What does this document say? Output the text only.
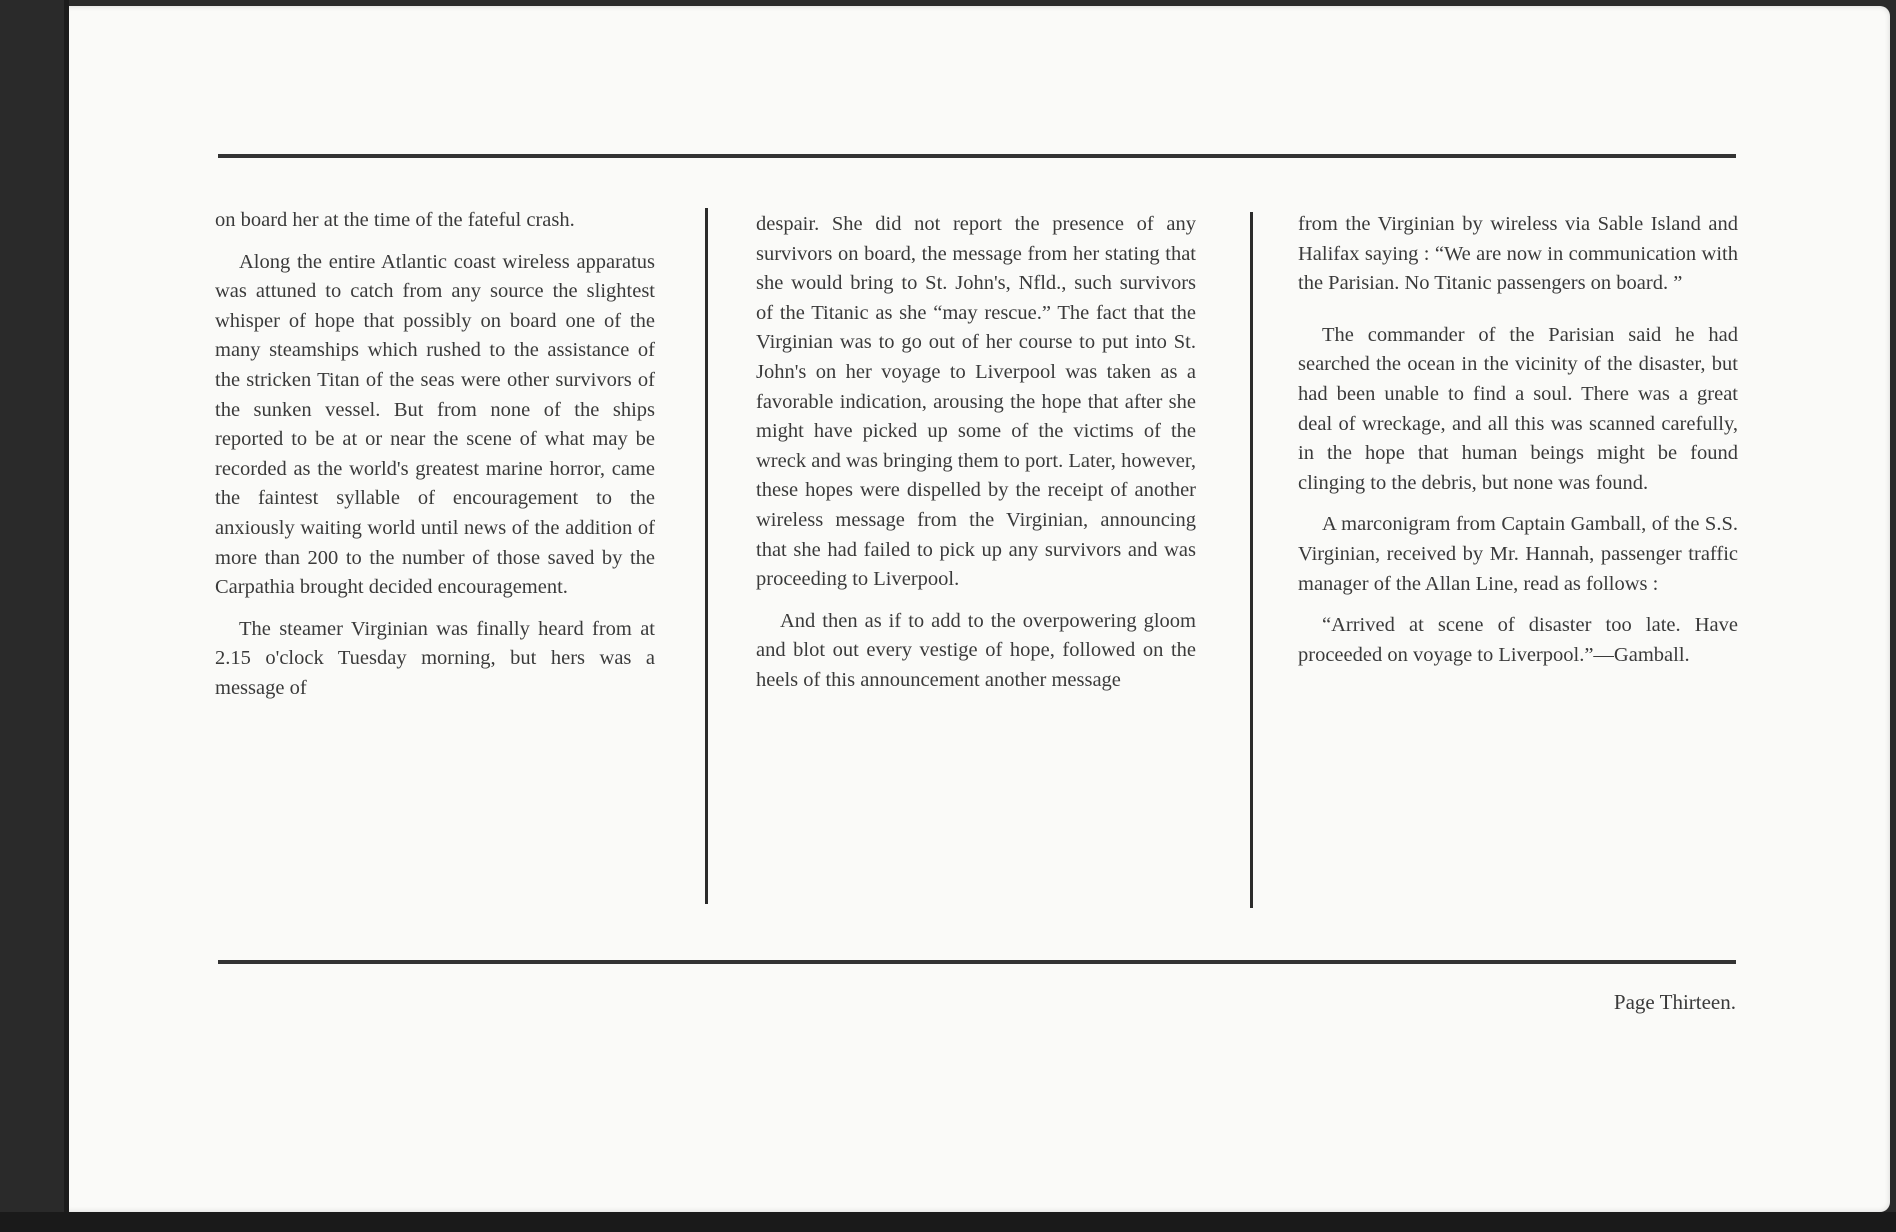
on board her at the time of the fateful crash.

Along the entire Atlantic coast wireless apparatus was attuned to catch from any source the slightest whisper of hope that possibly on board one of the many steamships which rushed to the assistance of the stricken Titan of the seas were other survivors of the sunken vessel. But from none of the ships reported to be at or near the scene of what may be recorded as the world's greatest marine horror, came the faintest syllable of encouragement to the anxiously waiting world until news of the addition of more than 200 to the number of those saved by the Carpathia brought decided encouragement.

The steamer Virginian was finally heard from at 2.15 o'clock Tuesday morning, but hers was a message of

despair. She did not report the presence of any survivors on board, the message from her stating that she would bring to St. John's, Nfld., such survivors of the Titanic as she “may rescue.” The fact that the Virginian was to go out of her course to put into St. John's on her voyage to Liverpool was taken as a favorable indication, arousing the hope that after she might have picked up some of the victims of the wreck and was bringing them to port. Later, however, these hopes were dispelled by the receipt of another wireless message from the Virginian, announcing that she had failed to pick up any survivors and was proceeding to Liverpool.

And then as if to add to the overpowering gloom and blot out every vestige of hope, followed on the heels of this announcement another message

from the Virginian by wireless via Sable Island and Halifax saying : “We are now in communication with the Parisian. No Titanic passengers on board. ”

The commander of the Parisian said he had searched the ocean in the vicinity of the disaster, but had been unable to find a soul. There was a great deal of wreckage, and all this was scanned carefully, in the hope that human beings might be found clinging to the debris, but none was found.

A marconigram from Captain Gamball, of the S.S. Virginian, received by Mr. Hannah, passenger traffic manager of the Allan Line, read as follows :

“Arrived at scene of disaster too late. Have proceeded on voyage to Liverpool.”—Gamball.

Page Thirteen.
